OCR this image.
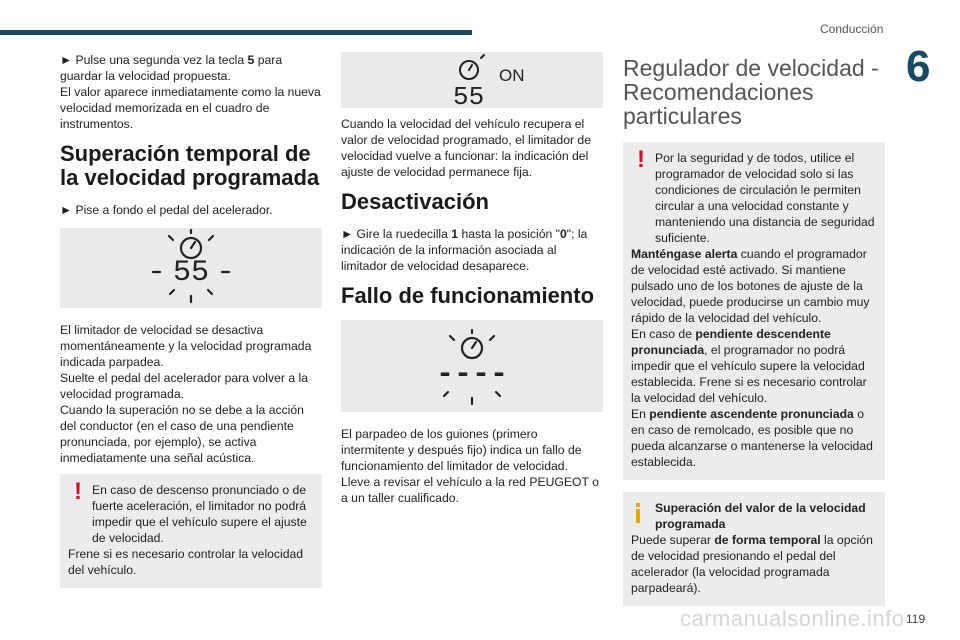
Conducción
6

► Pulse una segunda vez la tecla 5 para guardar la velocidad propuesta.
El valor aparece inmediatamente como la nueva velocidad memorizada en el cuadro de instrumentos.

Superación temporal de la velocidad programada

► Pise a fondo el pedal del acelerador.

55

El limitador de velocidad se desactiva momentáneamente y la velocidad programada indicada parpadea.
Suelte el pedal del acelerador para volver a la velocidad programada.
Cuando la superación no se debe a la acción del conductor (en el caso de una pendiente pronunciada, por ejemplo), se activa inmediatamente una señal acústica.

! En caso de descenso pronunciado o de fuerte aceleración, el limitador no podrá impedir que el vehículo supere el ajuste de velocidad.
Frene si es necesario controlar la velocidad del vehículo.
ON
55

Cuando la velocidad del vehículo recupera el valor de velocidad programado, el limitador de velocidad vuelve a funcionar: la indicación del ajuste de velocidad permanece fija.

Desactivación

► Gire la ruedecilla 1 hasta la posición "0"; la indicación de la información asociada al limitador de velocidad desaparece.

Fallo de funcionamiento
----

El parpadeo de los guiones (primero intermitente y después fijo) indica un fallo de funcionamiento del limitador de velocidad.
Lleve a revisar el vehículo a la red PEUGEOT o a un taller cualificado.

Regulador de velocidad - Recomendaciones particulares
! Por la seguridad y de todos, utilice el programador de velocidad solo si las condiciones de circulación le permiten circular a una velocidad constante y manteniendo una distancia de seguridad suficiente.
Manténgase alerta cuando el programador de velocidad esté activado. Si mantiene pulsado uno de los botones de ajuste de la velocidad, puede producirse un cambio muy rápido de la velocidad del vehículo.
En caso de pendiente descendente pronunciada, el programador no podrá impedir que el vehículo supere la velocidad establecida. Frene si es necesario controlar la velocidad del vehículo.
En pendiente ascendente pronunciada o en caso de remolcado, es posible que no pueda alcanzarse o mantenerse la velocidad establecida.
Superación del valor de la velocidad programada
Puede superar de forma temporal la opción de velocidad presionando el pedal del acelerador (la velocidad programada parpadeará).
carmanualsonline.info 119
